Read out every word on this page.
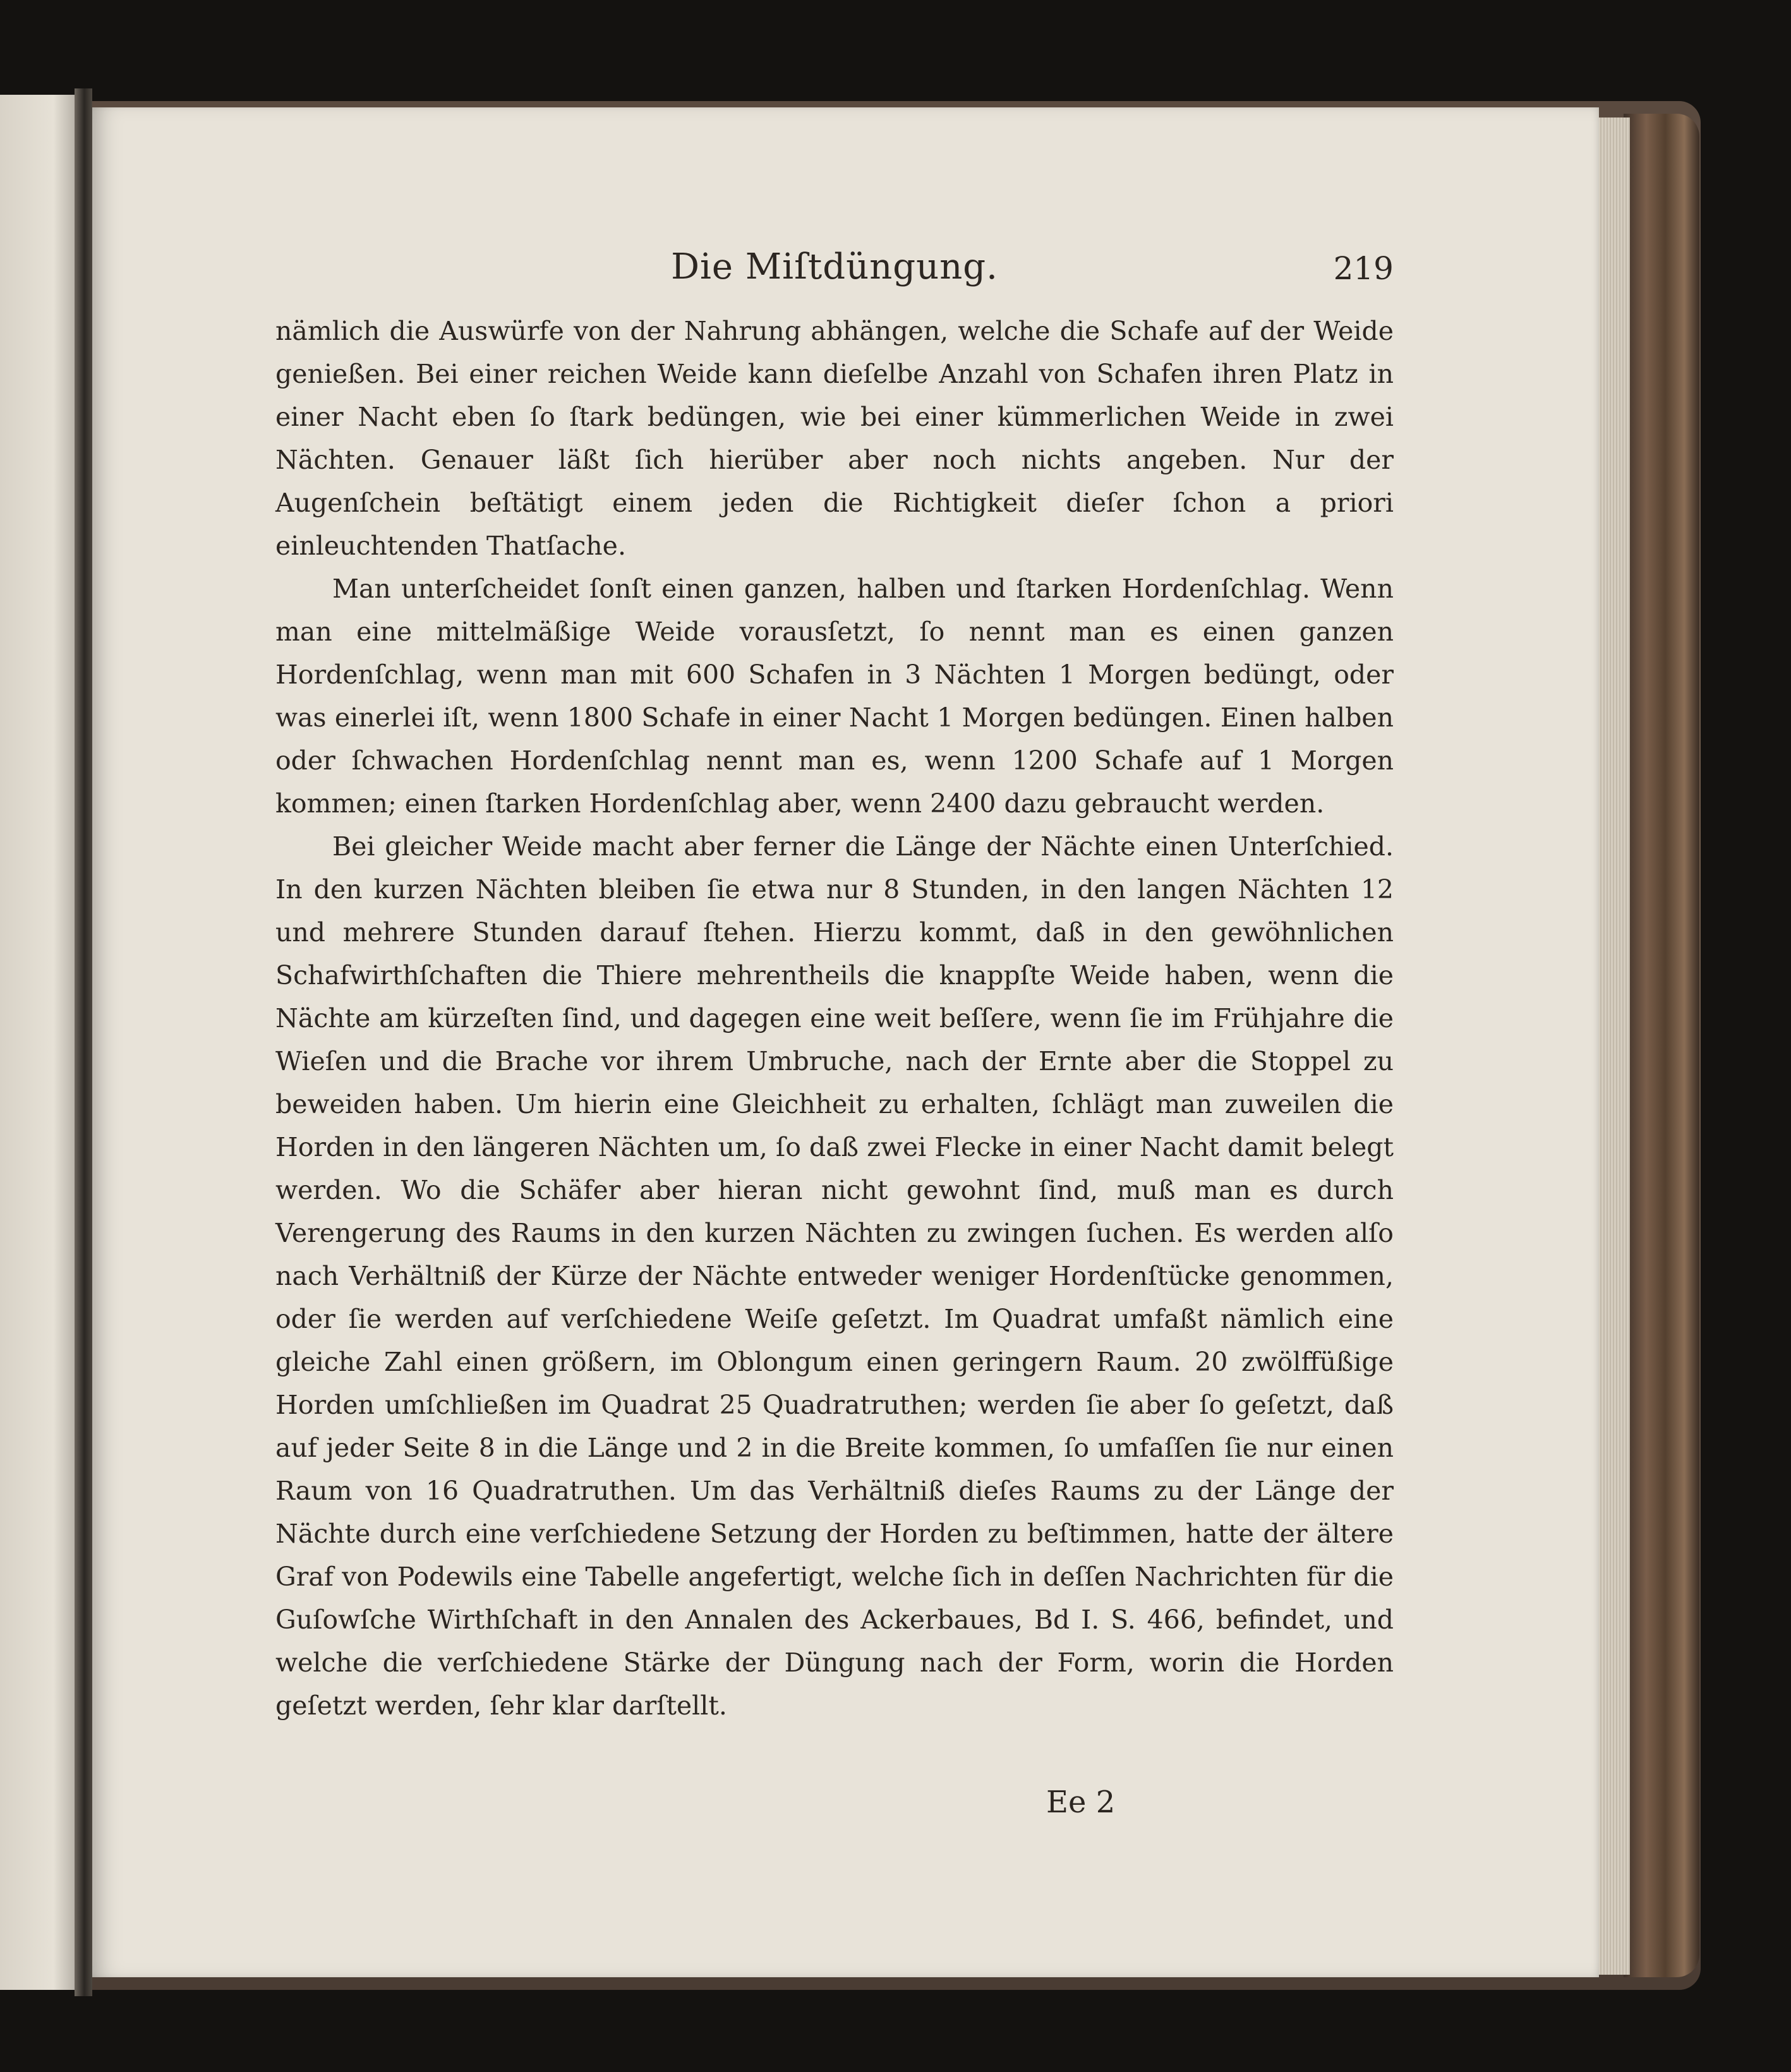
Die Miſtdüngung.	219

nämlich die Auswürfe von der Nahrung abhängen, welche die Schafe auf der Weide genießen. Bei einer reichen Weide kann dieſelbe Anzahl von Schafen ihren Platz in einer Nacht eben ſo ſtark bedüngen, wie bei einer kümmerlichen Weide in zwei Nächten. Genauer läßt ſich hierüber aber noch nichts angeben. Nur der Augenſchein beſtätigt einem jeden die Richtigkeit dieſer ſchon a priori einleuchtenden Thatſache.

Man unterſcheidet ſonſt einen ganzen, halben und ſtarken Hordenſchlag. Wenn man eine mittelmäßige Weide vorausſetzt, ſo nennt man es einen ganzen Hordenſchlag, wenn man mit 600 Schafen in 3 Nächten 1 Morgen bedüngt, oder was einerlei iſt, wenn 1800 Schafe in einer Nacht 1 Morgen bedüngen. Einen halben oder ſchwachen Hordenſchlag nennt man es, wenn 1200 Schafe auf 1 Morgen kommen; einen ſtarken Hordenſchlag aber, wenn 2400 dazu gebraucht werden.

Bei gleicher Weide macht aber ferner die Länge der Nächte einen Unterſchied. In den kurzen Nächten bleiben ſie etwa nur 8 Stunden, in den langen Nächten 12 und mehrere Stunden darauf ſtehen. Hierzu kommt, daß in den gewöhnlichen Schafwirthſchaften die Thiere mehrentheils die knappſte Weide haben, wenn die Nächte am kürzeſten ſind, und dagegen eine weit beſſere, wenn ſie im Frühjahre die Wieſen und die Brache vor ihrem Umbruche, nach der Ernte aber die Stoppel zu beweiden haben. Um hierin eine Gleichheit zu erhalten, ſchlägt man zuweilen die Horden in den längeren Nächten um, ſo daß zwei Flecke in einer Nacht damit belegt werden. Wo die Schäfer aber hieran nicht gewohnt ſind, muß man es durch Verengerung des Raums in den kurzen Nächten zu zwingen ſuchen. Es werden alſo nach Verhältniß der Kürze der Nächte entweder weniger Hordenſtücke genommen, oder ſie werden auf verſchiedene Weiſe geſetzt. Im Quadrat umfaßt nämlich eine gleiche Zahl einen größern, im Oblongum einen geringern Raum. 20 zwölffüßige Horden umſchließen im Quadrat 25 Quadratruthen; werden ſie aber ſo geſetzt, daß auf jeder Seite 8 in die Länge und 2 in die Breite kommen, ſo umfaſſen ſie nur einen Raum von 16 Quadratruthen. Um das Verhältniß dieſes Raums zu der Länge der Nächte durch eine verſchiedene Setzung der Horden zu beſtimmen, hatte der ältere Graf von Podewils eine Tabelle angefertigt, welche ſich in deſſen Nachrichten für die Guſowſche Wirthſchaft in den Annalen des Ackerbaues, Bd I. S. 466, befindet, und welche die verſchiedene Stärke der Düngung nach der Form, worin die Horden geſetzt werden, ſehr klar darſtellt.

Ee 2
